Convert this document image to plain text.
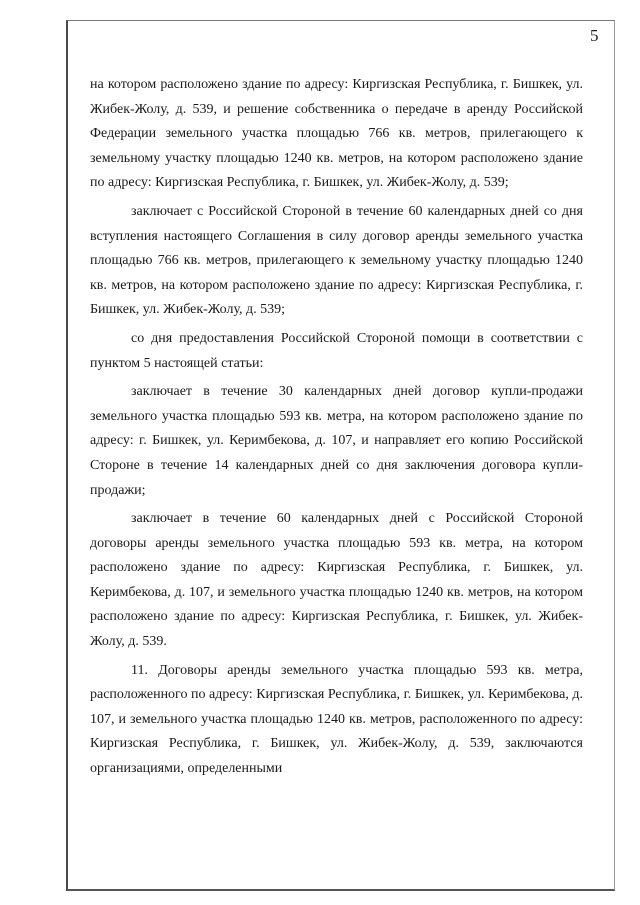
5

на котором расположено здание по адресу: Киргизская Республика, г. Бишкек, ул. Жибек-Жолу, д. 539, и решение собственника о передаче в аренду Российской Федерации земельного участка площадью 766 кв. метров, прилегающего к земельному участку площадью 1240 кв. метров, на котором расположено здание по адресу: Киргизская Республика, г. Бишкек, ул. Жибек-Жолу, д. 539;

заключает с Российской Стороной в течение 60 календарных дней со дня вступления настоящего Соглашения в силу договор аренды земельного участка площадью 766 кв. метров, прилегающего к земельному участку площадью 1240 кв. метров, на котором расположено здание по адресу: Киргизская Республика, г. Бишкек, ул. Жибек-Жолу, д. 539;

со дня предоставления Российской Стороной помощи в соответствии с пунктом 5 настоящей статьи:

заключает в течение 30 календарных дней договор купли-продажи земельного участка площадью 593 кв. метра, на котором расположено здание по адресу: г. Бишкек, ул. Керимбекова, д. 107, и направляет его копию Российской Стороне в течение 14 календарных дней со дня заключения договора купли-продажи;

заключает в течение 60 календарных дней с Российской Стороной договоры аренды земельного участка площадью 593 кв. метра, на котором расположено здание по адресу: Киргизская Республика, г. Бишкек, ул. Керимбекова, д. 107, и земельного участка площадью 1240 кв. метров, на котором расположено здание по адресу: Киргизская Республика, г. Бишкек, ул. Жибек-Жолу, д. 539.

11. Договоры аренды земельного участка площадью 593 кв. метра, расположенного по адресу: Киргизская Республика, г. Бишкек, ул. Керимбекова, д. 107, и земельного участка площадью 1240 кв. метров, расположенного по адресу: Киргизская Республика, г. Бишкек, ул. Жибек-Жолу, д. 539, заключаются организациями, определенными
